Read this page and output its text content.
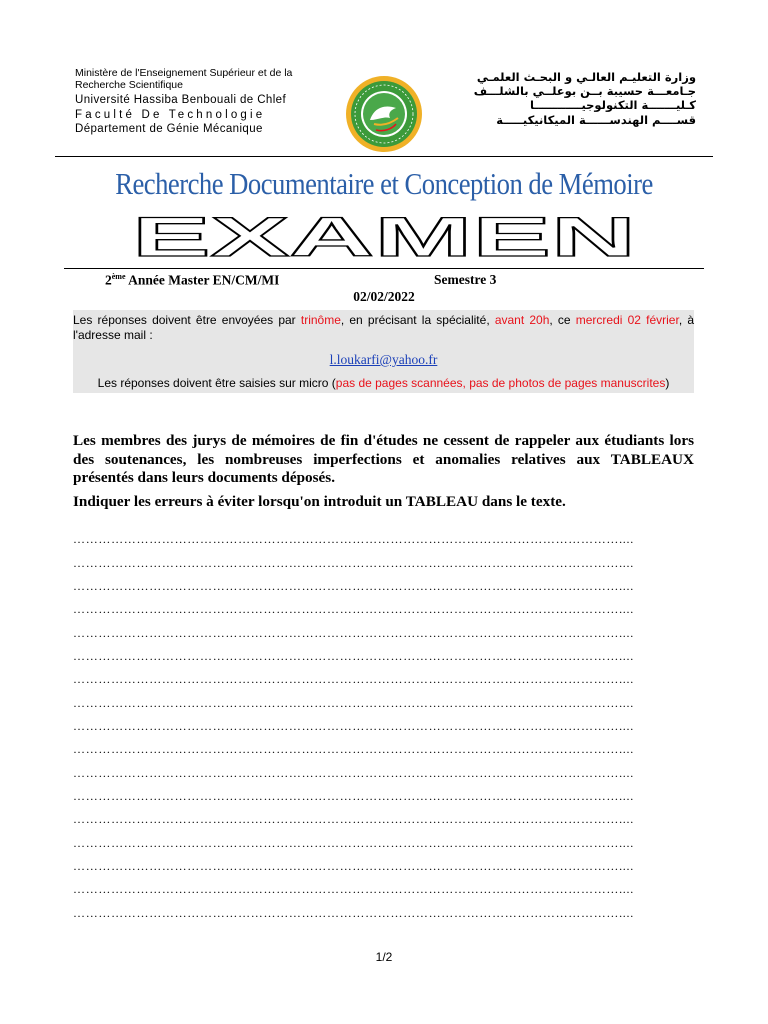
Ministère de l'Enseignement Supérieur et de la
Recherche Scientifique
Université Hassiba Benbouali de Chlef
Faculté De Technologie
Département de Génie Mécanique
وزارة التعليـم العالـي و البحـث العلمـي
جـامعـــة حسيبة بــن بوعلــي بالشلـــف
كـليـــــــة التكنولوجيــــــــــــا
قســــم الهندســــــة الميكانيكيـــــة
Recherche Documentaire et Conception de Mémoire
EXAMEN
2ème Année Master EN/CM/MI	Semestre 3
02/02/2022
Les réponses doivent être envoyées par trinôme, en précisant la spécialité, avant 20h, ce mercredi 02 février, à l'adresse mail :
l.loukarfi@yahoo.fr
Les réponses doivent être saisies sur micro (pas de pages scannées, pas de photos de pages manuscrites)

Les membres des jurys de mémoires de fin d'études ne cessent de rappeler aux étudiants lors des soutenances, les nombreuses imperfections et anomalies relatives aux TABLEAUX présentés dans leurs documents déposés.

Indiquer les erreurs à éviter lorsqu'on introduit un TABLEAU dans le texte.

…………………………………………………………………………………………………………………....
…………………………………………………………………………………………………………………....
…………………………………………………………………………………………………………………....
…………………………………………………………………………………………………………………....
…………………………………………………………………………………………………………………....
…………………………………………………………………………………………………………………....
…………………………………………………………………………………………………………………....
…………………………………………………………………………………………………………………....
…………………………………………………………………………………………………………………....
…………………………………………………………………………………………………………………....
…………………………………………………………………………………………………………………....
…………………………………………………………………………………………………………………....
…………………………………………………………………………………………………………………....
…………………………………………………………………………………………………………………....
…………………………………………………………………………………………………………………....
…………………………………………………………………………………………………………………....
…………………………………………………………………………………………………………………....
1/2
